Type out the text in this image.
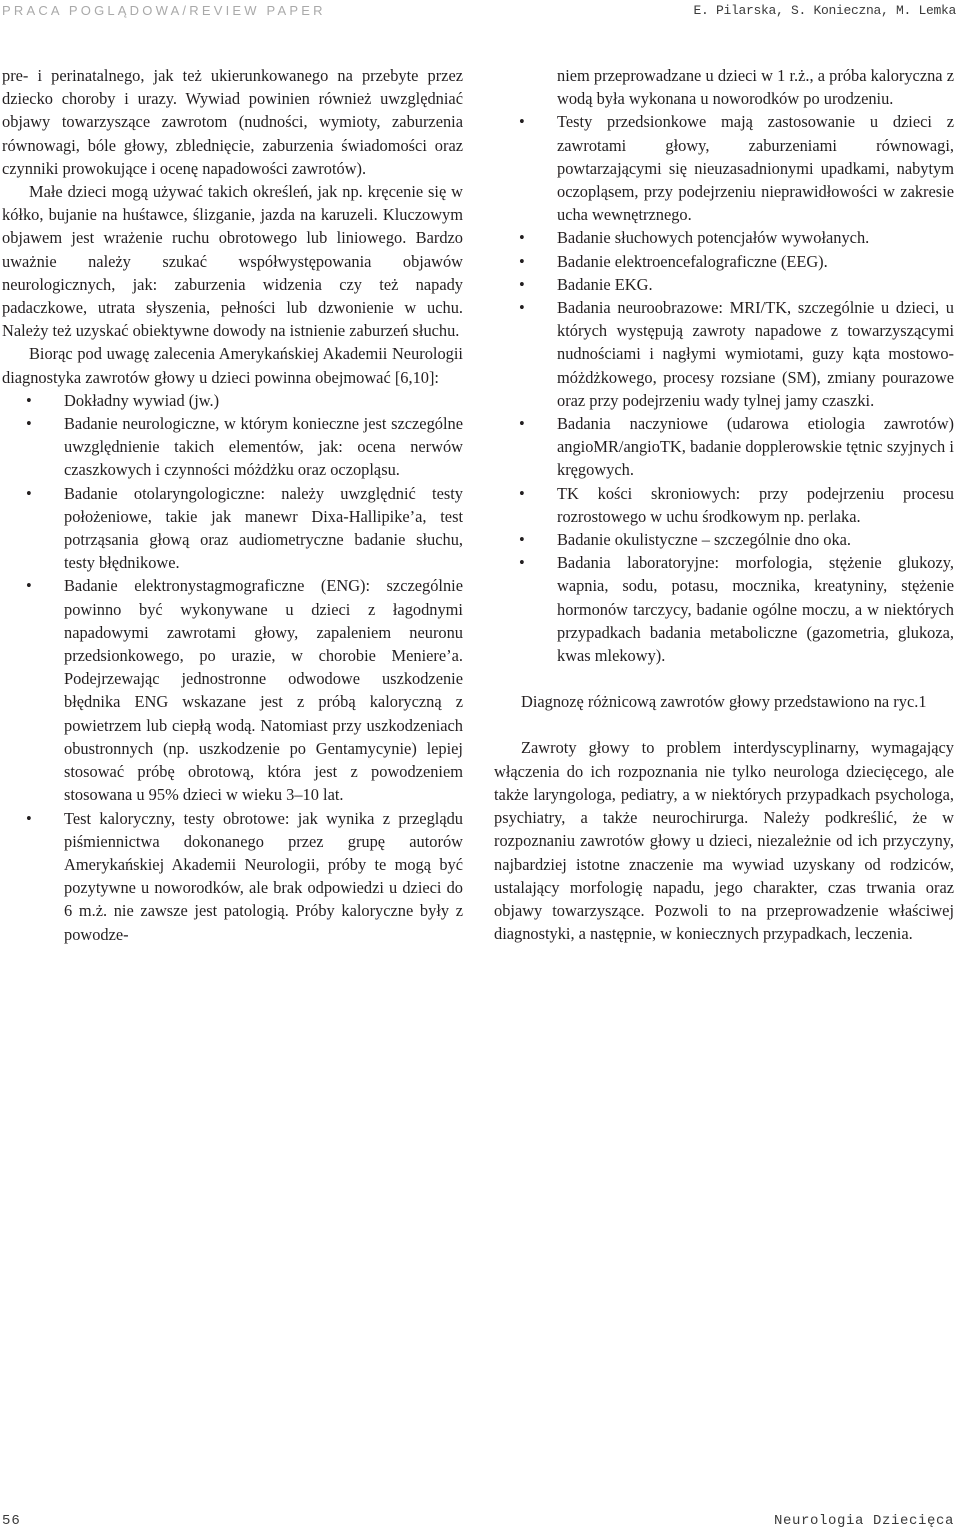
PRACA POGLĄDOWA/REVIEW PAPER	E. Pilarska, S. Konieczna, M. Lemka

pre- i perinatalnego, jak też ukierunkowanego na przebyte przez dziecko choroby i urazy. Wywiad powinien również uwzględniać objawy towarzyszące zawrotom (nudności, wymioty, zaburzenia równowagi, bóle głowy, zblednięcie, zaburzenia świadomości oraz czynniki prowokujące i ocenę napadowości zawrotów).

Małe dzieci mogą używać takich określeń, jak np. kręcenie się w kółko, bujanie na huśtawce, ślizganie, jazda na karuzeli. Kluczowym objawem jest wrażenie ruchu obrotowego lub liniowego. Bardzo uważnie należy szukać współwystępowania objawów neurologicznych, jak: zaburzenia widzenia czy też napady padaczkowe, utrata słyszenia, pełności lub dzwonienie w uchu. Należy też uzyskać obiektywne dowody na istnienie zaburzeń słuchu.

Biorąc pod uwagę zalecenia Amerykańskiej Akademii Neurologii diagnostyka zawrotów głowy u dzieci powinna obejmować [6,10]:

• Dokładny wywiad (jw.)
• Badanie neurologiczne, w którym konieczne jest szczególne uwzględnienie takich elementów, jak: ocena nerwów czaszkowych i czynności móżdżku oraz oczopląsu.
• Badanie otolaryngologiczne: należy uwzględnić testy położeniowe, takie jak manewr Dixa-Hallipike’a, test potrząsania głową oraz audiometryczne badanie słuchu, testy błędnikowe.
• Badanie elektronystagmograficzne (ENG): szczególnie powinno być wykonywane u dzieci z łagodnymi napadowymi zawrotami głowy, zapaleniem neuronu przedsionkowego, po urazie, w chorobie Meniere’a. Podejrzewając jednostronne odwodowe uszkodzenie błędnika ENG wskazane jest z próbą kaloryczną z powietrzem lub ciepłą wodą. Natomiast przy uszkodzeniach obustronnych (np. uszkodzenie po Gentamycynie) lepiej stosować próbę obrotową, która jest z powodzeniem stosowana u 95% dzieci w wieku 3–10 lat.
• Test kaloryczny, testy obrotowe: jak wynika z przeglądu piśmiennictwa dokonanego przez grupę autorów Amerykańskiej Akademii Neurologii, próby te mogą być pozytywne u noworodków, ale brak odpowiedzi u dzieci do 6 m.ż. nie zawsze jest patologią. Próby kaloryczne były z powodze-
niem przeprowadzane u dzieci w 1 r.ż., a próba kaloryczna z wodą była wykonana u noworodków po urodzeniu.
• Testy przedsionkowe mają zastosowanie u dzieci z zawrotami głowy, zaburzeniami równowagi, powtarzającymi się nieuzasadnionymi upadkami, nabytym oczopląsem, przy podejrzeniu nieprawidłowości w zakresie ucha wewnętrznego.
• Badanie słuchowych potencjałów wywołanych.
• Badanie elektroencefalograficzne (EEG).
• Badanie EKG.
• Badania neuroobrazowe: MRI/TK, szczególnie u dzieci, u których występują zawroty napadowe z towarzyszącymi nudnościami i nagłymi wymiotami, guzy kąta mostowo-móżdżkowego, procesy rozsiane (SM), zmiany pourazowe oraz przy podejrzeniu wady tylnej jamy czaszki.
• Badania naczyniowe (udarowa etiologia zawrotów) angioMR/angioTK, badanie dopplerowskie tętnic szyjnych i kręgowych.
• TK kości skroniowych: przy podejrzeniu procesu rozrostowego w uchu środkowym np. perlaka.
• Badanie okulistyczne – szczególnie dno oka.
• Badania laboratoryjne: morfologia, stężenie glukozy, wapnia, sodu, potasu, mocznika, kreatyniny, stężenie hormonów tarczycy, badanie ogólne moczu, a w niektórych przypadkach badania metaboliczne (gazometria, glukoza, kwas mlekowy).

Diagnozę różnicową zawrotów głowy przedstawiono na ryc.1

Zawroty głowy to problem interdyscyplinarny, wymagający włączenia do ich rozpoznania nie tylko neurologa dziecięcego, ale także laryngologa, pediatry, a w niektórych przypadkach psychologa, psychiatry, a także neurochirurga. Należy podkreślić, że w rozpoznaniu zawrotów głowy u dzieci, niezależnie od ich przyczyny, najbardziej istotne znaczenie ma wywiad uzyskany od rodziców, ustalający morfologię napadu, jego charakter, czas trwania oraz objawy towarzyszące. Pozwoli to na przeprowadzenie właściwej diagnostyki, a następnie, w koniecznych przypadkach, leczenia.

56	Neurologia Dziecięca
